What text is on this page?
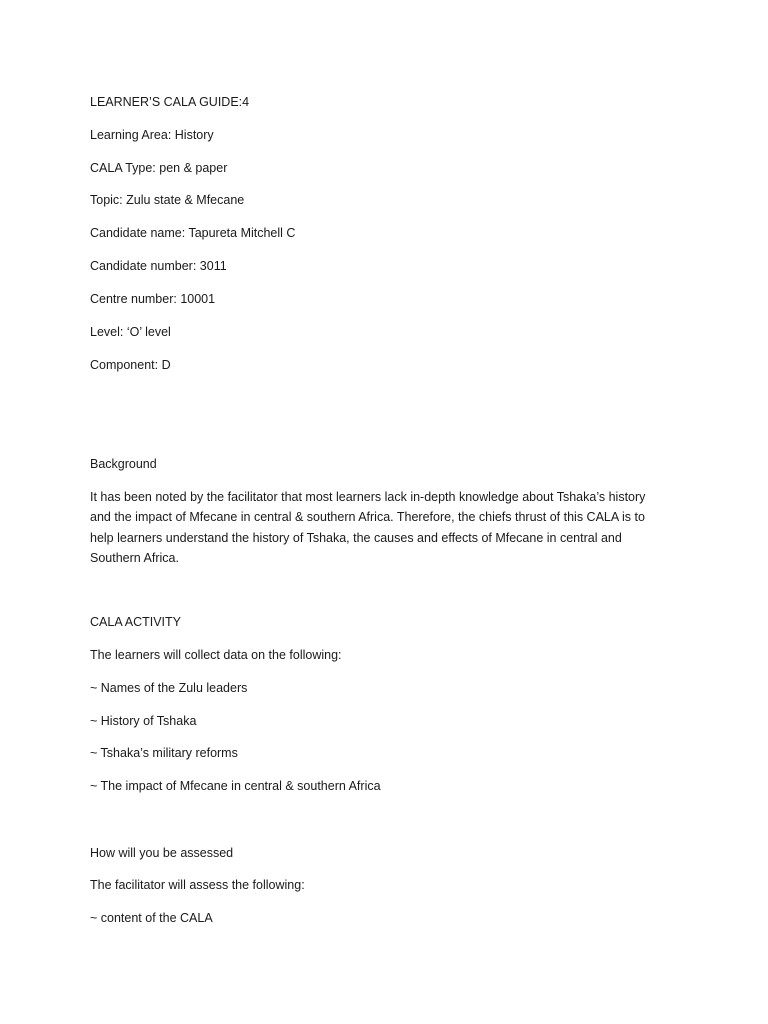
LEARNER’S CALA GUIDE:4

Learning Area: History

CALA Type: pen & paper

Topic: Zulu state & Mfecane

Candidate name: Tapureta Mitchell C

Candidate number: 3011

Centre number: 10001

Level: ‘O’ level

Component: D

Background

It has been noted by the facilitator that most learners lack in-depth knowledge about Tshaka’s history
and the impact of Mfecane in central & southern Africa. Therefore, the chiefs thrust of this CALA is to
help learners understand the history of Tshaka, the causes and effects of Mfecane in central and
Southern Africa.

CALA ACTIVITY

The learners will collect data on the following:

~ Names of the Zulu leaders

~ History of Tshaka

~ Tshaka’s military reforms

~ The impact of Mfecane in central & southern Africa

How will you be assessed

The facilitator will assess the following:

~ content of the CALA
